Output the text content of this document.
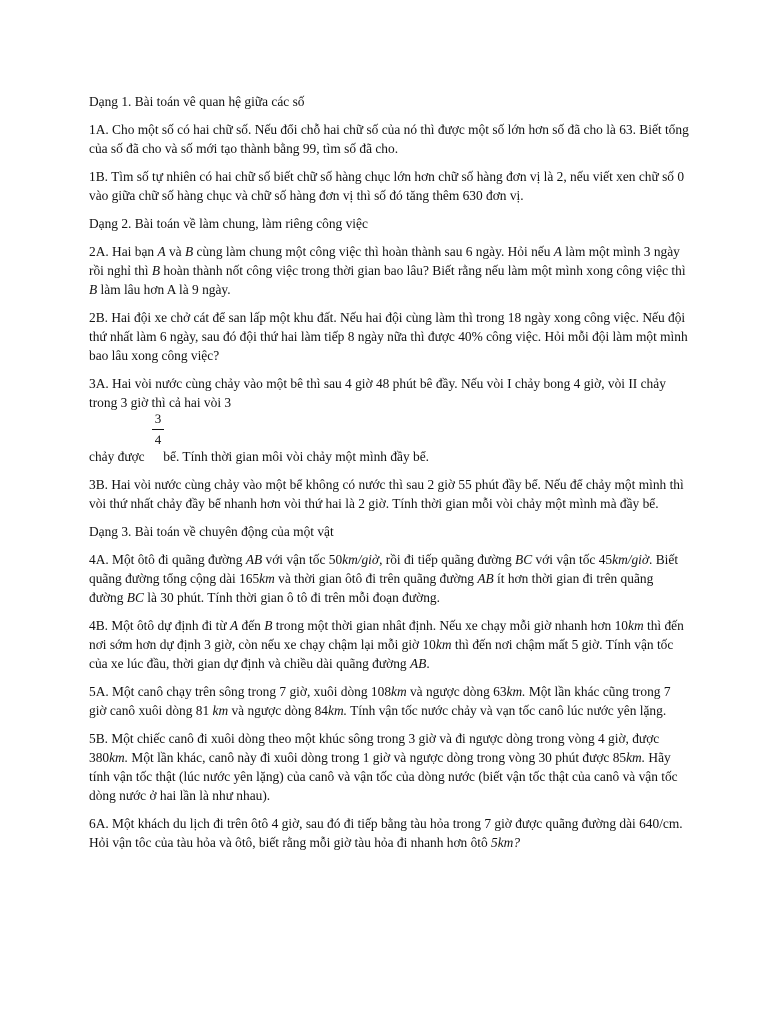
Dạng 1. Bài toán vê quan hệ giữa các số

1A. Cho một số có hai chữ số. Nếu đổi chỗ hai chữ số của nó thì được một số lớn hơn số đã cho là 63. Biết tổng của số đã cho và số mới tạo thành bằng 99, tìm số đã cho.

1B. Tìm số tự nhiên có hai chữ số biết chữ số hàng chục lớn hơn chữ số hàng đơn vị là 2, nếu viết xen chữ số 0 vào giữa chữ số hàng chục và chữ số hàng đơn vị thì số đó tăng thêm 630 đơn vị.

Dạng 2. Bài toán về làm chung, làm riêng công việc

2A. Hai bạn A và B cùng làm chung một công việc thì hoàn thành sau 6 ngày. Hỏi nếu A làm một mình 3 ngày rồi nghỉ thì B hoàn thành nốt công việc trong thời gian bao lâu? Biết rằng nếu làm một mình xong công việc thì B làm lâu hơn A là 9 ngày.

2B. Hai đội xe chở cát để san lấp một khu đất. Nếu hai đội cùng làm thì trong 18 ngày xong công việc. Nếu đội thứ nhất làm 6 ngày, sau đó đội thứ hai làm tiếp 8 ngày nữa thì được 40% công việc. Hỏi mỗi đội làm một mình bao lâu xong công việc?

3A. Hai vòi nước cùng chảy vào một bê thì sau 4 giờ 48 phút bê đầy. Nếu vòi I chảy bong 4 giờ, vòi II chảy trong 3 giờ thì cả hai vòi 3

3
4
chảy được  bể. Tính thời gian môi vòi chảy một mình đầy bể.

3B. Hai vòi nước cùng chảy vào một bể không có nước thì sau 2 giờ 55 phút đầy bể. Nếu để chảy một mình thì vòi thứ nhất chảy đầy bể nhanh hơn vòi thứ hai là 2 giờ. Tính thời gian mỗi vòi chảy một mình mà đầy bể.

Dạng 3. Bài toán về chuyên động của một vật

4A. Một ôtô đi quãng đường AB với vận tốc 50km/giờ, rồi đi tiếp quãng đường BC với vận tốc 45km/giờ. Biết quãng đường tổng cộng dài 165km và thời gian ôtô đi trên quãng đường AB ít hơn thời gian đi trên quãng đường BC là 30 phút. Tính thời gian ô tô đi trên mỗi đoạn đường.

4B. Một ôtô dự định đi từ A đến B trong một thời gian nhât định. Nếu xe chạy mỗi giờ nhanh hơn 10km thì đến nơi sớm hơn dự định 3 giờ, còn nếu xe chạy chậm lại mỗi giờ 10km thì đến nơi chậm mất 5 giờ. Tính vận tốc của xe lúc đầu, thời gian dự định và chiều dài quãng đường AB.

5A. Một canô chạy trên sông trong 7 giờ, xuôi dòng 108km và ngược dòng 63km. Một lần khác cũng trong 7 giờ canô xuôi dòng 81 km và ngược dòng 84km. Tính vận tốc nước chảy và vạn tốc canô lúc nước yên lặng.

5B. Một chiếc canô đi xuôi dòng theo một khúc sông trong 3 giờ và đi ngược dòng trong vòng 4 giờ, được 380km. Một lần khác, canô này đi xuôi dòng trong 1 giờ và ngược dòng trong vòng 30 phút được 85km. Hãy tính vận tốc thật (lúc nước yên lặng) của canô và vận tốc của dòng nước (biết vận tốc thật của canô và vận tốc dòng nước ở hai lần là như nhau).

6A. Một khách du lịch đi trên ôtô 4 giờ, sau đó đi tiếp bằng tàu hỏa trong 7 giờ được quãng đường dài 640/cm. Hỏi vận tôc của tàu hỏa và ôtô, biết rằng mỗi giờ tàu hỏa đi nhanh hơn ôtô 5km?
